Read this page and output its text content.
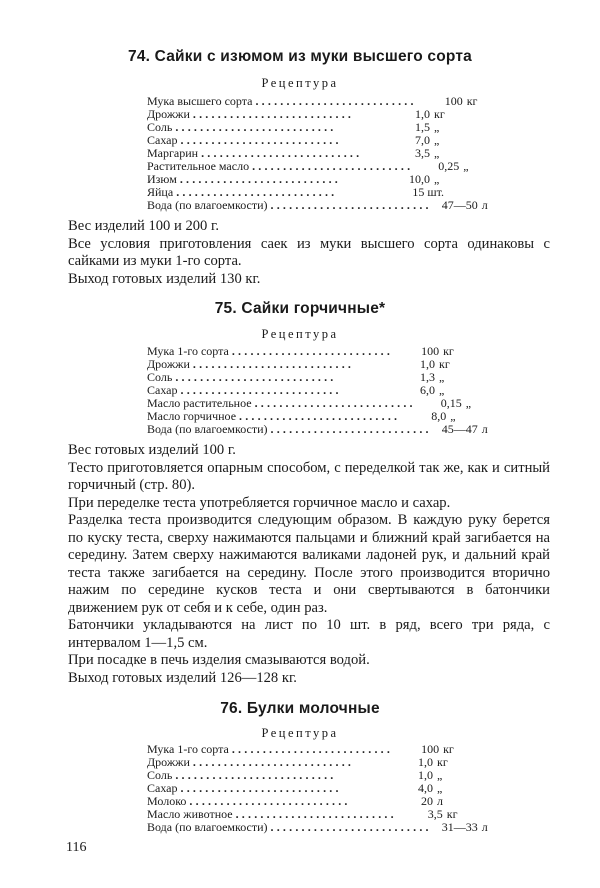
74. Сайки с изюмом из муки высшего сорта
Рецептура
Мука высшего сорта ..........................	100 кг
Дрожжи ..........................	1,0 кг
Соль ..........................	1,5 „
Сахар ..........................	7,0 „
Маргарин ..........................	3,5 „
Растительное масло ..........................	0,25 „
Изюм ..........................	10,0 „
Яйца ..........................	15 шт.
Вода (по влагоемкости) .......................... 47—50 л

Вес изделий 100 и 200 г.

Все условия приготовления саек из муки высшего сорта одинаковы с сайками из муки 1-го сорта.

Выход готовых изделий 130 кг.

75. Сайки горчичные*
Рецептура
Мука 1-го сорта ..........................	100 кг
Дрожжи ..........................	1,0 кг
Соль ..........................	1,3 „
Сахар ..........................	6,0 „
Масло растительное ..........................	0,15 „
Масло горчичное ..........................	8,0 „
Вода (по влагоемкости) .......................... 45—47 л

Вес готовых изделий 100 г.

Тесто приготовляется опарным способом, с переделкой так же, как и ситный горчичный (стр. 80).

При переделке теста употребляется горчичное масло и сахар.

Разделка теста производится следующим образом. В каждую руку берется по куску теста, сверху нажимаются пальцами и ближний край загибается на середину. Затем сверху нажимаются валиками ладоней рук, и дальний край теста также загибается на середину. После этого производится вторично нажим по середине кусков теста и они свертываются в батончики движением рук от себя и к себе, один раз.

Батончики укладываются на лист по 10 шт. в ряд, всего три ряда, с интервалом 1—1,5 см.

При посадке в печь изделия смазываются водой.

Выход готовых изделий 126—128 кг.

76. Булки молочные
Рецептура
Мука 1-го сорта ..........................	100 кг
Дрожжи ..........................	1,0 кг
Соль ..........................	1,0 „
Сахар ..........................	4,0 „
Молоко ..........................	20 л
Масло животное ..........................	3,5 кг
Вода (по влагоемкости) .......................... 31—33 л
116
